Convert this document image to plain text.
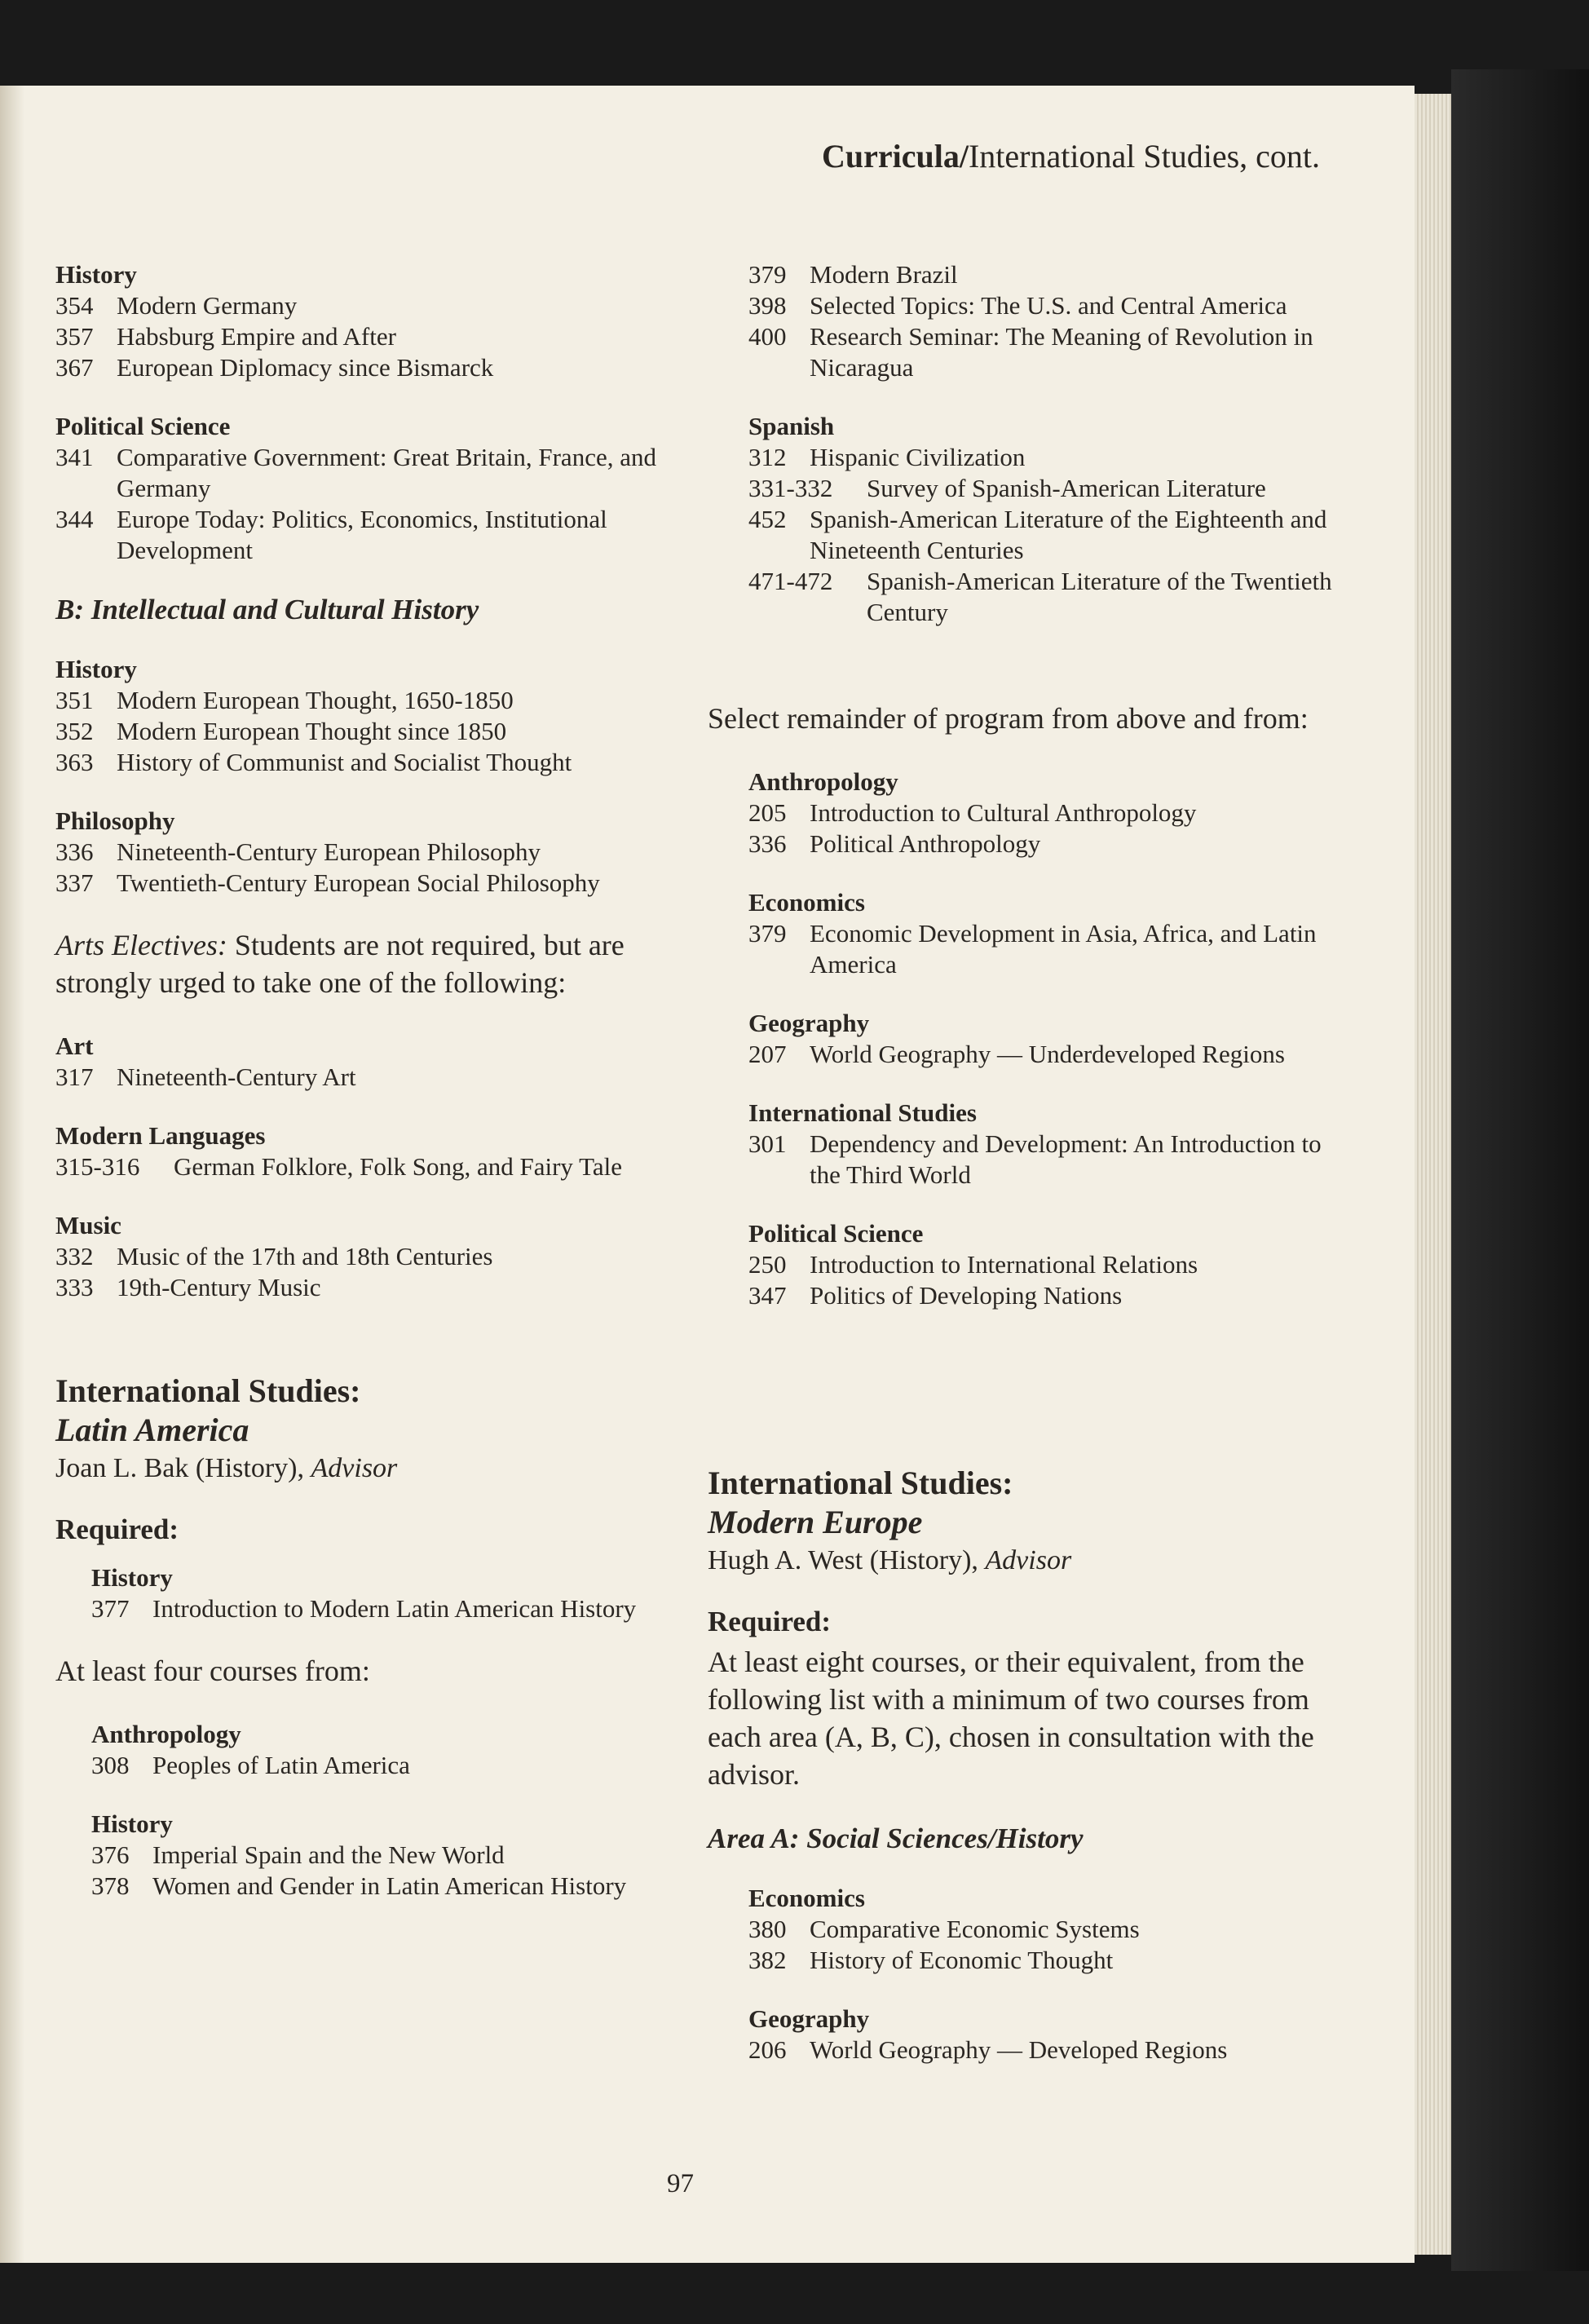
Curricula/International Studies, cont.

History

354 Modern Germany
357 Habsburg Empire and After
367 European Diplomacy since Bismarck

Political Science

341 Comparative Government: Great Britain, France, and Germany
344 Europe Today: Politics, Economics, Institutional Development
B: Intellectual and Cultural History

History

351 Modern European Thought, 1650-1850
352 Modern European Thought since 1850
363 History of Communist and Socialist Thought

Philosophy

336 Nineteenth-Century European Philosophy
337 Twentieth-Century European Social Philosophy

Arts Electives: Students are not required, but are strongly urged to take one of the following:

Art

317 Nineteenth-Century Art

Modern Languages

315-316	German Folklore, Folk Song, and Fairy Tale

Music

332 Music of the 17th and 18th Centuries
333 19th-Century Music

International Studies:

Latin America

Joan L. Bak (History), Advisor

Required:

History

377 Introduction to Modern Latin American History

At least four courses from:

Anthropology

308 Peoples of Latin America

History

376 Imperial Spain and the New World
378 Women and Gender in Latin American History
379 Modern Brazil
398 Selected Topics: The U.S. and Central America
400 Research Seminar: The Meaning of Revolution in Nicaragua

Spanish

312 Hispanic Civilization
331-332	Survey of Spanish-American Literature
452 Spanish-American Literature of the Eighteenth and Nineteenth Centuries
471-472	Spanish-American Literature of the Twentieth Century

Select remainder of program from above and from:

Anthropology

205 Introduction to Cultural Anthropology
336 Political Anthropology

Economics

379 Economic Development in Asia, Africa, and Latin America

Geography

207 World Geography — Underdeveloped Regions

International Studies

301 Dependency and Development: An Introduction to the Third World

Political Science

250 Introduction to International Relations
347 Politics of Developing Nations

International Studies:

Modern Europe

Hugh A. West (History), Advisor

Required:

At least eight courses, or their equivalent, from the following list with a minimum of two courses from each area (A, B, C), chosen in consultation with the advisor.

Area A: Social Sciences/History

Economics

380 Comparative Economic Systems
382 History of Economic Thought

Geography

206 World Geography — Developed Regions
97
